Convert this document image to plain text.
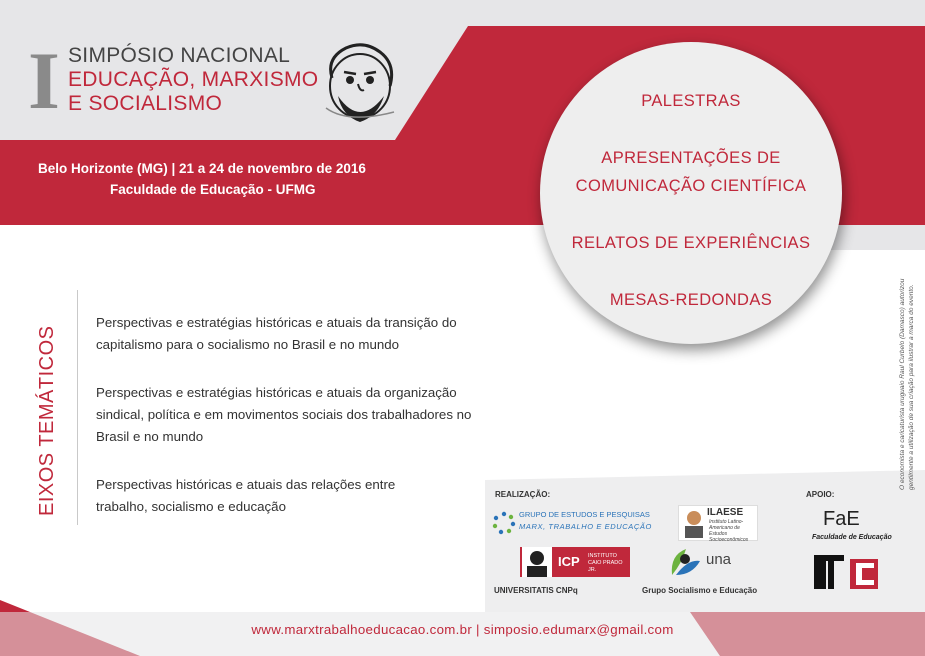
I SIMPÓSIO NACIONAL
EDUCAÇÃO, MARXISMO
E SOCIALISMO
Belo Horizonte (MG) | 21 a 24 de novembro de 2016
Faculdade de Educação - UFMG
PALESTRAS
APRESENTAÇÕES DE
COMUNICAÇÃO CIENTÍFICA
RELATOS DE EXPERIÊNCIAS
MESAS-REDONDAS	O economista e caricaturista uruguaio Raul Curbelo (Damasco) autorizou gentilmente a utilização de sua criação para ilustrar a marca do evento.
EIXOS TEMÁTICOS
Perspectivas e estratégias históricas e atuais da transição do
capitalismo para o socialismo no Brasil e no mundo
Perspectivas e estratégias históricas e atuais da organização
sindical, política e em movimentos sociais dos trabalhadores no
Brasil e no mundo
Perspectivas históricas e atuais das relações entre
trabalho, socialismo e educação
REALIZAÇÃO:	APOIO:
GRUPO DE ESTUDOS E PESQUISAS
MARX, TRABALHO E EDUCAÇÃO
ILAESE
Instituto Latino-Americano de Estudos Socioeconômicos
ICP INSTITUTO CAIO PRADO JR.
una
UNIVERSITATIS CNPq	Grupo Socialismo e Educação
FaE
Faculdade de Educação
www.marxtrabalhoeducacao.com.br | simposio.edumarx@gmail.com
